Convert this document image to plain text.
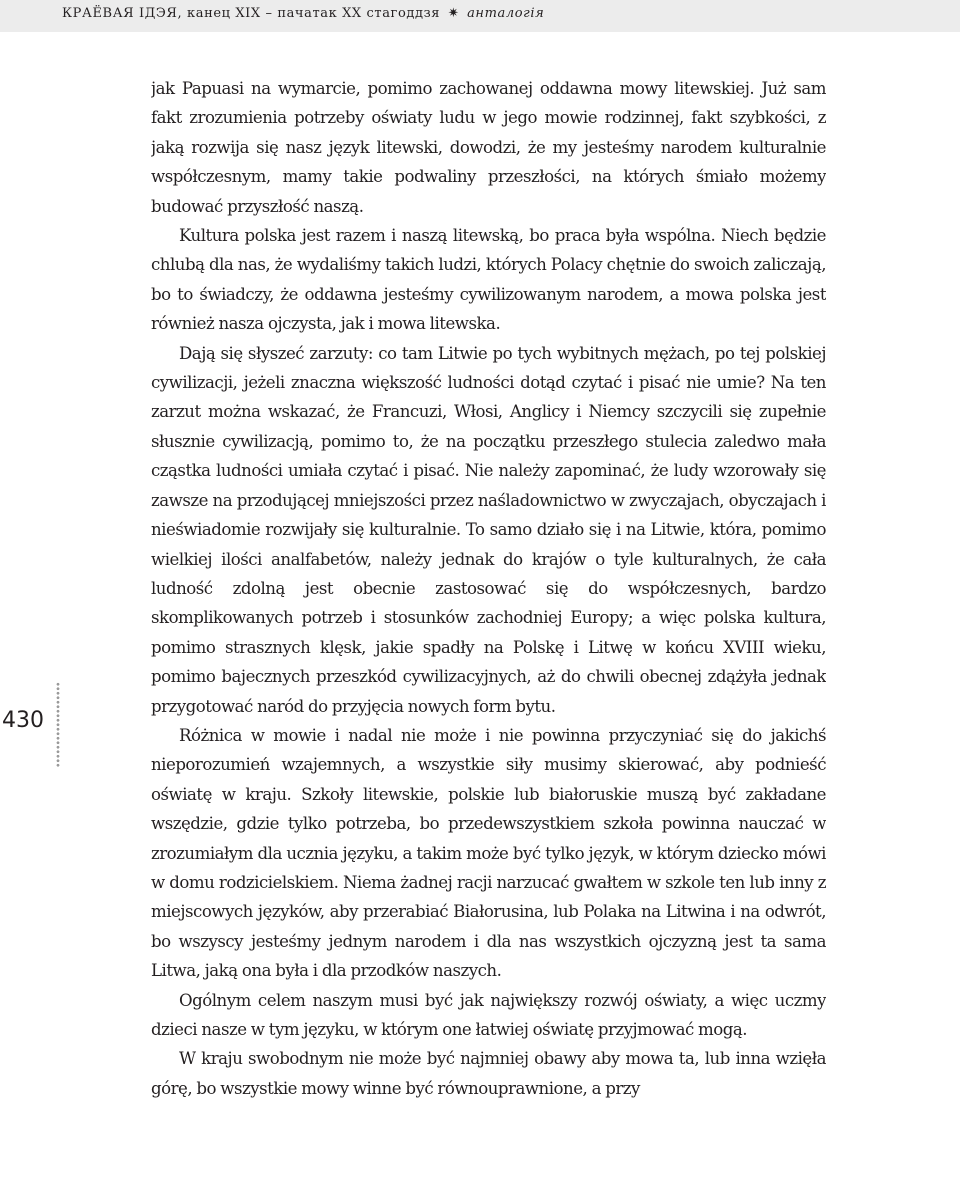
КРАЁВАЯ ІДЭЯ, канец XIX – пачатак XX стагоддзя ✷ анталогія
430

jak Papuasi na wymarcie, pomimo zachowanej oddawna mowy litewskiej. Już sam fakt zrozumienia potrzeby oświaty ludu w jego mowie rodzinnej, fakt szybkości, z jaką rozwija się nasz język litewski, dowodzi, że my jesteśmy narodem kulturalnie współczesnym, mamy takie podwaliny przeszłości, na których śmiało możemy budować przyszłość naszą.

Kultura polska jest razem i naszą litewską, bo praca była wspólna. Niech będzie chlubą dla nas, że wydaliśmy takich ludzi, których Polacy chętnie do swoich zaliczają, bo to świadczy, że oddawna jesteśmy cywilizowanym narodem, a mowa polska jest również nasza ojczysta, jak i mowa litewska.

Dają się słyszeć zarzuty: co tam Litwie po tych wybitnych mężach, po tej polskiej cywilizacji, jeżeli znaczna większość ludności dotąd czytać i pisać nie umie? Na ten zarzut można wskazać, że Francuzi, Włosi, Anglicy i Niemcy szczycili się zupełnie słusznie cywilizacją, pomimo to, że na początku przeszłego stulecia zaledwo mała cząstka ludności umiała czytać i pisać. Nie należy zapominać, że ludy wzorowały się zawsze na przodującej mniejszości przez naśladownictwo w zwyczajach, obyczajach i nieświadomie rozwijały się kulturalnie. To samo działo się i na Litwie, która, pomimo wielkiej ilości analfabetów, należy jednak do krajów o tyle kulturalnych, że cała ludność zdolną jest obecnie zastosować się do współczesnych, bardzo skomplikowanych potrzeb i stosunków zachodniej Europy; a więc polska kultura, pomimo strasznych klęsk, jakie spadły na Polskę i Litwę w końcu XVIII wieku, pomimo bajecznych przeszkód cywilizacyjnych, aż do chwili obecnej zdążyła jednak przygotować naród do przyjęcia nowych form bytu.

Różnica w mowie i nadal nie może i nie powinna przyczyniać się do jakichś nieporozumień wzajemnych, a wszystkie siły musimy skierować, aby podnieść oświatę w kraju. Szkoły litewskie, polskie lub białoruskie muszą być zakładane wszędzie, gdzie tylko potrzeba, bo przedewszystkiem szkoła powinna nauczać w zrozumiałym dla ucznia języku, a takim może być tylko język, w którym dziecko mówi w domu rodzicielskiem. Niema żadnej racji narzucać gwałtem w szkole ten lub inny z miejscowych języków, aby przerabiać Białorusina, lub Polaka na Litwina i na odwrót, bo wszyscy jesteśmy jednym narodem i dla nas wszystkich ojczyzną jest ta sama Litwa, jaką ona była i dla przodków naszych.

Ogólnym celem naszym musi być jak największy rozwój oświaty, a więc uczmy dzieci nasze w tym języku, w którym one łatwiej oświatę przyjmować mogą.

W kraju swobodnym nie może być najmniej obawy aby mowa ta, lub inna wzięła górę, bo wszystkie mowy winne być równouprawnione, a przy
